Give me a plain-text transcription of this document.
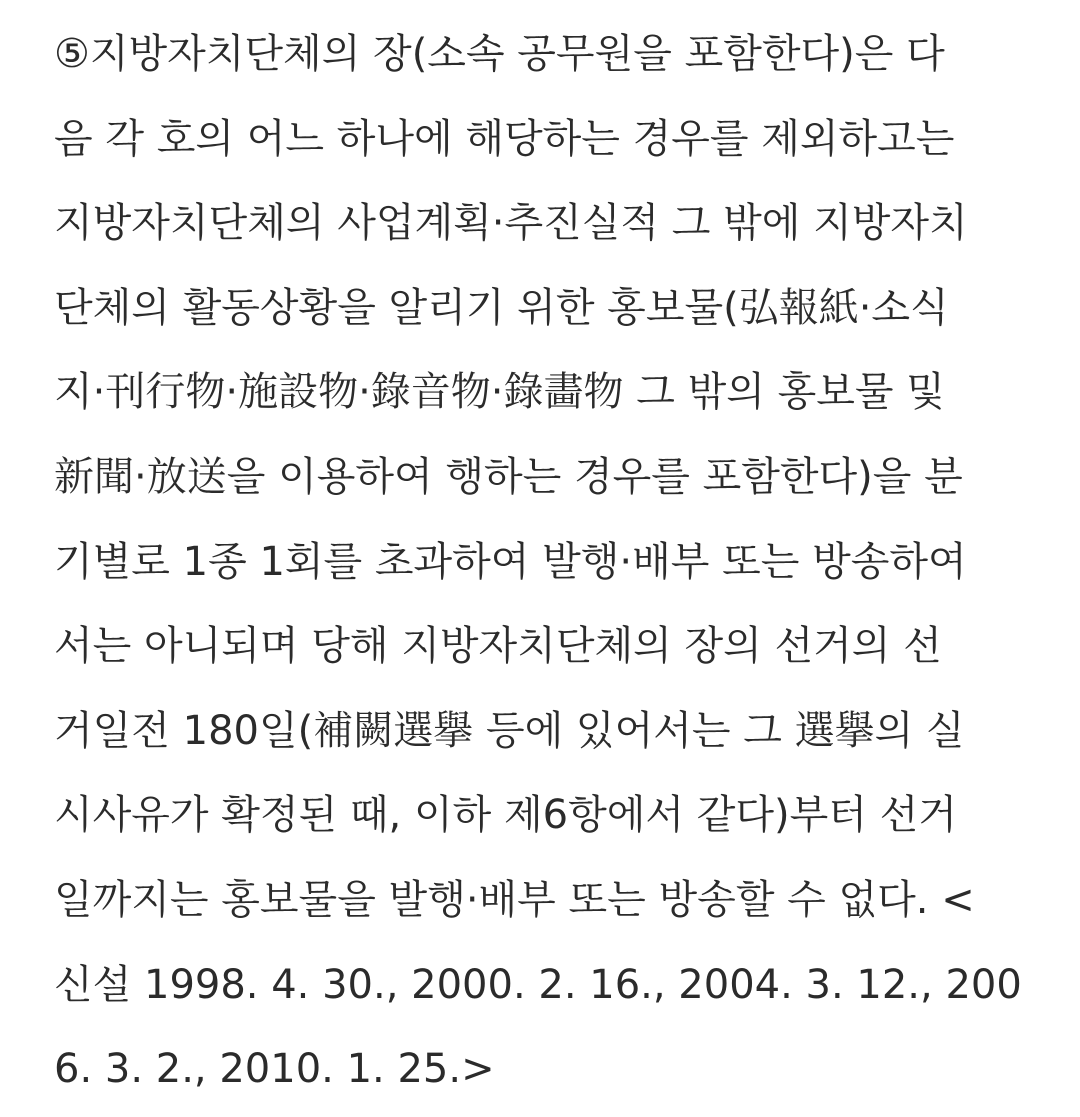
⑤지방자치단체의 장(소속 공무원을 포함한다)은 다
음 각 호의 어느 하나에 해당하는 경우를 제외하고는
지방자치단체의 사업계획·추진실적 그 밖에 지방자치
단체의 활동상황을 알리기 위한 홍보물(弘報紙·소식
지·刊行物·施設物·錄音物·錄畵物 그 밖의 홍보물 및
新聞·放送을 이용하여 행하는 경우를 포함한다)을 분
기별로 1종 1회를 초과하여 발행·배부 또는 방송하여
서는 아니되며 당해 지방자치단체의 장의 선거의 선
거일전 180일(補闕選擧 등에 있어서는 그 選擧의 실
시사유가 확정된 때, 이하 제6항에서 같다)부터 선거
일까지는 홍보물을 발행·배부 또는 방송할 수 없다. <
신설 1998. 4. 30., 2000. 2. 16., 2004. 3. 12., 200
6. 3. 2., 2010. 1. 25.>
